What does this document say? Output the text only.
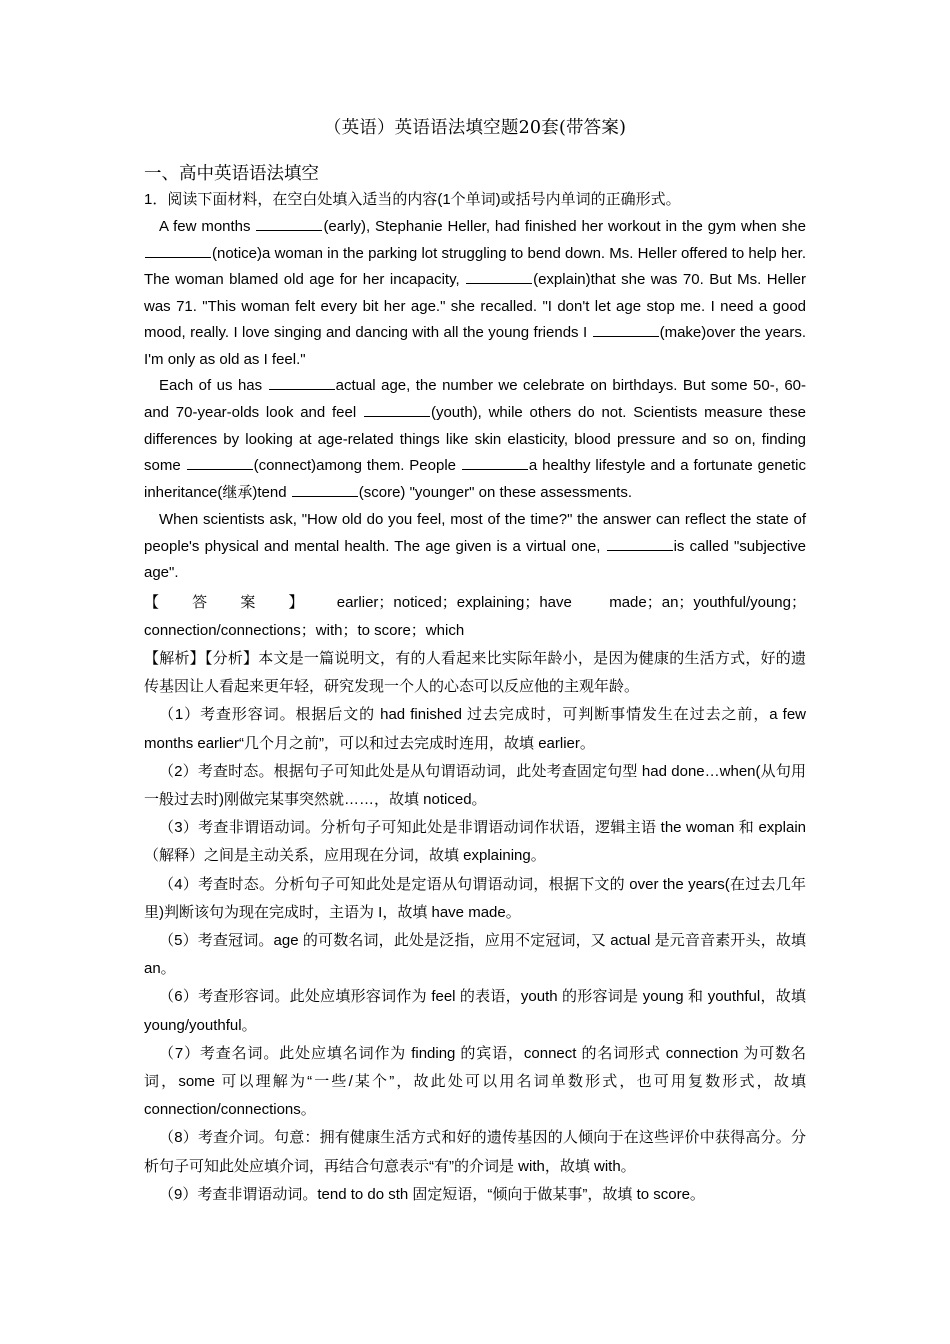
（英语）英语语法填空题20套(带答案)
一、高中英语语法填空
1．阅读下面材料，在空白处填入适当的内容(1个单词)或括号内单词的正确形式。
A few months	(early), Stephanie Heller, had finished her workout in the gym when she (notice)a woman in the parking lot struggling to bend down. Ms. Heller offered to help her. The woman blamed old age for her incapacity,	(explain)that she was 70. But Ms. Heller was 71. "This woman felt every bit her age." she recalled. "I don't let age stop me. I need a good mood, really. I love singing and dancing with all the young friends I	(make)over the years. I'm only as old as I feel."
Each of us has	actual age, the number we celebrate on birthdays. But some 50-, 60- and 70-year-olds look and feel	(youth), while others do not. Scientists measure these differences by looking at age-related things like skin elasticity, blood pressure and so on, finding some	(connect)among them. People	a healthy lifestyle and a fortunate genetic inheritance(继承)tend	(score) "younger" on these assessments.
When scientists ask, "How old do you feel, most of the time?" the answer can reflect the state of people's physical and mental health. The age given is a virtual one,	is called "subjective age".
【答案】earlier；noticed；explaining；have made；an；youthful/young；connection/connections；with；to score；which

【解析】【分析】本文是一篇说明文，有的人看起来比实际年龄小，是因为健康的生活方式，好的遗传基因让人看起来更年轻，研究发现一个人的心态可以反应他的主观年龄。

（1）考查形容词。根据后文的 had finished 过去完成时，可判断事情发生在过去之前，a few months earlier“几个月之前”，可以和过去完成时连用，故填 earlier。

（2）考查时态。根据句子可知此处是从句谓语动词，此处考查固定句型 had done…when(从句用一般过去时)刚做完某事突然就……，故填 noticed。

（3）考查非谓语动词。分析句子可知此处是非谓语动词作状语，逻辑主语 the woman 和 explain（解释）之间是主动关系，应用现在分词，故填 explaining。

（4）考查时态。分析句子可知此处是定语从句谓语动词，根据下文的 over the years(在过去几年里)判断该句为现在完成时，主语为 I，故填 have made。

（5）考查冠词。age 的可数名词，此处是泛指，应用不定冠词，又 actual 是元音音素开头，故填 an。

（6）考查形容词。此处应填形容词作为 feel 的表语，youth 的形容词是 young 和 youthful，故填 young/youthful。

（7）考查名词。此处应填名词作为 finding 的宾语，connect 的名词形式 connection 为可数名词，some 可以理解为“一些/某个”，故此处可以用名词单数形式，也可用复数形式，故填 connection/connections。

（8）考查介词。句意：拥有健康生活方式和好的遗传基因的人倾向于在这些评价中获得高分。分析句子可知此处应填介词，再结合句意表示“有”的介词是 with，故填 with。

（9）考查非谓语动词。tend to do sth 固定短语，“倾向于做某事”，故填 to score。
